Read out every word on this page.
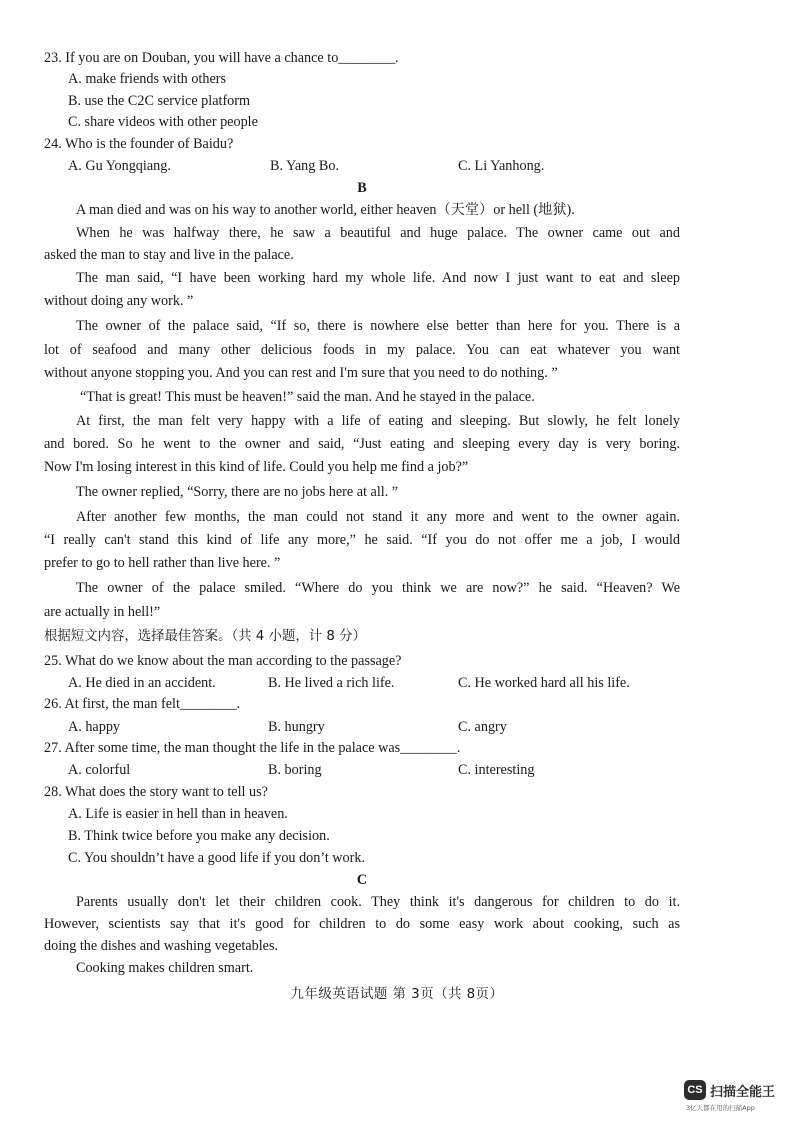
23. If you are on Douban, you will have a chance to________.
A. make friends with others
B. use the C2C service platform
C. share videos with other people
24. Who is the founder of Baidu?
A. Gu Yongqiang.	B. Yang Bo.	C. Li Yanhong.
B
A man died and was on his way to another world, either heaven（天堂）or hell (地狱).
When he was halfway there, he saw a beautiful and huge palace. The owner came out and
asked the man to stay and live in the palace.
The man said, “I have been working hard my whole life. And now I just want to eat and sleep
without doing any work. ”
The owner of the palace said, “If so, there is nowhere else better than here for you. There is a
lot of seafood and many other delicious foods in my palace. You can eat whatever you want
without anyone stopping you. And you can rest and I'm sure that you need to do nothing. ”
“That is great! This must be heaven!” said the man. And he stayed in the palace.
At first, the man felt very happy with a life of eating and sleeping. But slowly, he felt lonely
and bored. So he went to the owner and said, “Just eating and sleeping every day is very boring.
Now I'm losing interest in this kind of life. Could you help me find a job?”
The owner replied, “Sorry, there are no jobs here at all. ”
After another few months, the man could not stand it any more and went to the owner again.
“I really can't stand this kind of life any more,” he said. “If you do not offer me a job, I would
prefer to go to hell rather than live here. ”
The owner of the palace smiled. “Where do you think we are now?” he said. “Heaven? We
are actually in hell!”
根据短文内容，选择最佳答案。（共 4 小题，计 8 分）
25. What do we know about the man according to the passage?
A. He died in an accident.	B. He lived a rich life.	C. He worked hard all his life.
26. At first, the man felt________.
A. happy	B. hungry	C. angry
27. After some time, the man thought the life in the palace was________.
A. colorful	B. boring	C. interesting
28. What does the story want to tell us?
A. Life is easier in hell than in heaven.
B. Think twice before you make any decision.
C. You shouldn’t have a good life if you don’t work.
C
Parents usually don't let their children cook. They think it's dangerous for children to do it.
However, scientists say that it's good for children to do some easy work about cooking, such as
doing the dishes and washing vegetables.
Cooking makes children smart.
九年级英语试题 第 3页（共 8页）
CS 扫描全能王
3亿人都在用的扫描App
